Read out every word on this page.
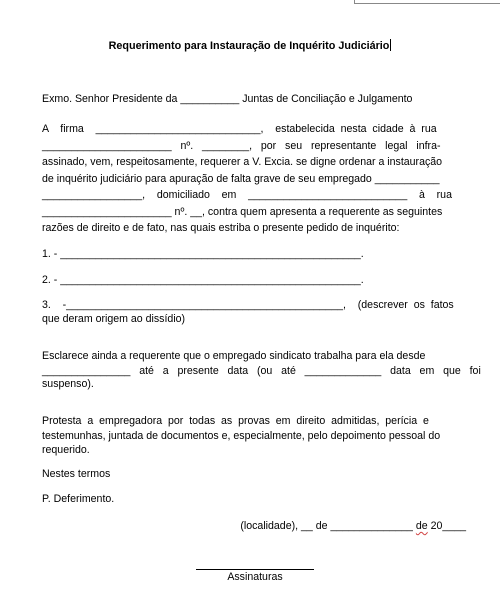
Requerimento para Instauração de Inquérito Judiciário
Exmo. Senhor Presidente da __________ Juntas de Conciliação e Julgamento
A    firma    ____________________________,    estabelecida  nesta  cidade  à  rua
______________________   nº.   ________,   por   seu   representante   legal   infra-
assinado, vem, respeitosamente, requerer a V. Excia. se digne ordenar a instauração
de inquérito judiciário para apuração de falta grave de seu empregado ___________
_________________,    domiciliado    em    ___________________________    à    rua
______________________ nº. __, contra quem apresenta a requerente as seguintes
razões de direito e de fato, nas quais estriba o presente pedido de inquérito:
1. - ___________________________________________________.
2. - ___________________________________________________.
3.    -_______________________________________________,    (descrever  os  fatos
que deram origem ao dissídio)
Esclarece ainda a requerente que o empregado sindicato trabalha para ela desde
_______________   até   a   presente   data   (ou   até   _____________   data   em   que   foi
suspenso).
Protesta  a  empregadora  por  todas  as  provas  em  direito  admitidas,  perícia  e
testemunhas, juntada de documentos e, especialmente, pelo depoimento pessoal do
requerido.
Nestes termos
P. Deferimento.
(localidade), __ de ______________ de 20____
Assinaturas
